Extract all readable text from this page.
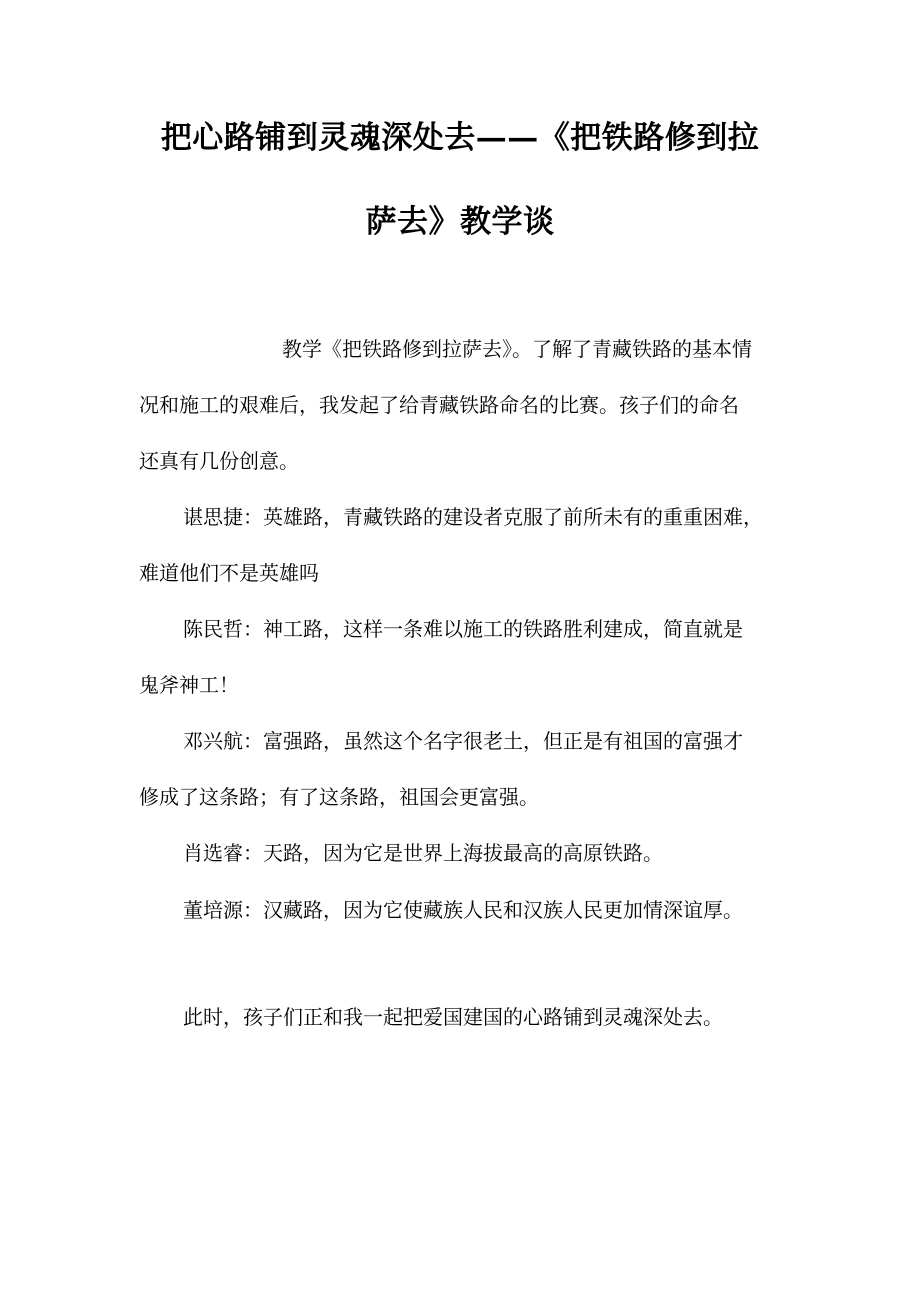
把心路铺到灵魂深处去——《把铁路修到拉
萨去》教学谈
教学《把铁路修到拉萨去》。了解了青藏铁路的基本情
况和施工的艰难后，我发起了给青藏铁路命名的比赛。孩子们的命名
还真有几份创意。
谌思捷：英雄路，青藏铁路的建设者克服了前所未有的重重困难，
难道他们不是英雄吗
陈民哲：神工路，这样一条难以施工的铁路胜利建成，简直就是
鬼斧神工！
邓兴航：富强路，虽然这个名字很老土，但正是有祖国的富强才
修成了这条路；有了这条路，祖国会更富强。
肖选睿：天路，因为它是世界上海拔最高的高原铁路。
董培源：汉藏路，因为它使藏族人民和汉族人民更加情深谊厚。
此时，孩子们正和我一起把爱国建国的心路铺到灵魂深处去。
